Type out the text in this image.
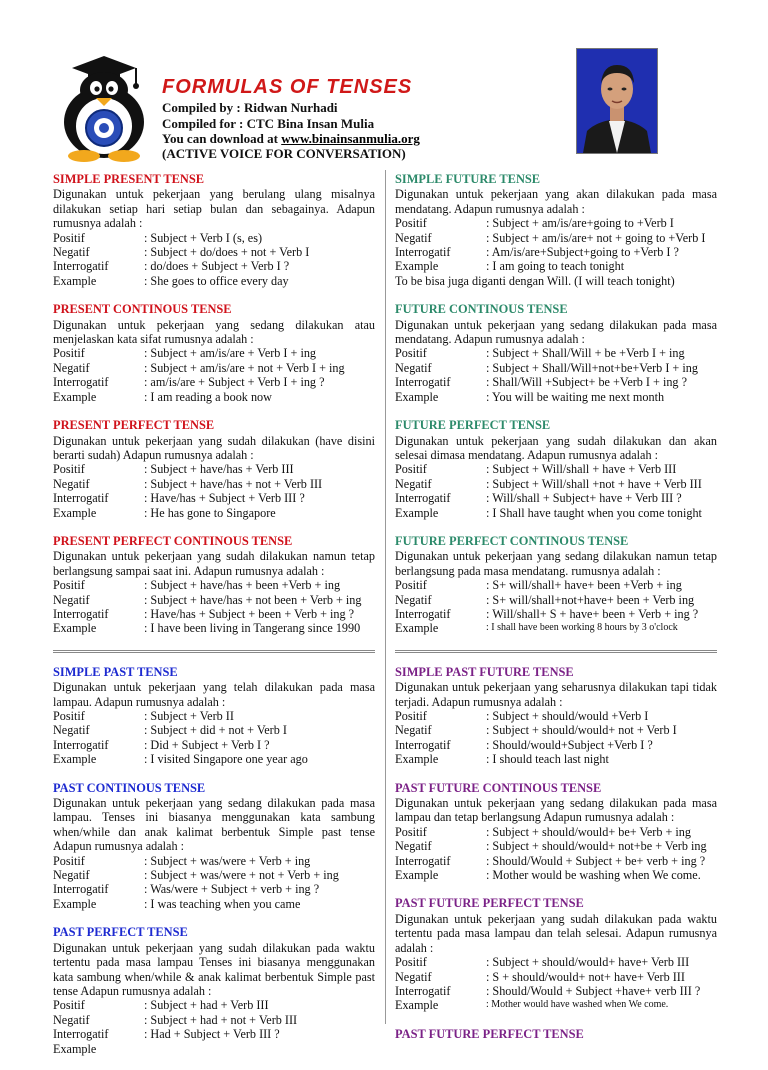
FORMULAS OF TENSES
Compiled by : Ridwan Nurhadi
Compiled for : CTC Bina Insan Mulia
You can download at www.binainsanmulia.org
(ACTIVE VOICE FOR CONVERSATION)
SIMPLE PRESENT TENSE
Digunakan untuk pekerjaan yang berulang ulang misalnya dilakukan setiap hari setiap bulan dan sebagainya. Adapun rumusnya adalah :
Positif	: Subject + Verb I (s, es)
Negatif	: Subject + do/does + not + Verb I
Interrogatif	: do/does + Subject + Verb I ?
Example	: She goes to office every day
PRESENT CONTINOUS TENSE
Digunakan untuk pekerjaan yang sedang dilakukan atau menjelaskan kata sifat rumusnya adalah :
Positif	: Subject + am/is/are + Verb I + ing
Negatif	: Subject + am/is/are + not + Verb I + ing
Interrogatif	: am/is/are + Subject + Verb I + ing ?
Example	: I am reading a book now
PRESENT PERFECT TENSE
Digunakan untuk pekerjaan yang sudah dilakukan (have disini berarti sudah) Adapun rumusnya adalah :
Positif	: Subject + have/has + Verb III
Negatif	: Subject + have/has + not + Verb III
Interrogatif	: Have/has + Subject + Verb III ?
Example	: He has gone to Singapore
PRESENT PERFECT CONTINOUS TENSE
Digunakan untuk pekerjaan yang sudah dilakukan namun tetap berlangsung sampai saat ini. Adapun rumusnya adalah :
Positif	: Subject + have/has + been +Verb + ing
Negatif	: Subject + have/has + not been + Verb + ing
Interrogatif	: Have/has + Subject + been + Verb + ing ?
Example	: I have been living in Tangerang since 1990
SIMPLE PAST TENSE
Digunakan untuk pekerjaan yang telah dilakukan pada masa lampau. Adapun rumusnya adalah :
Positif	: Subject + Verb II
Negatif	: Subject + did + not + Verb I
Interrogatif	: Did + Subject + Verb I ?
Example	: I visited Singapore one year ago
PAST CONTINOUS TENSE
Digunakan untuk pekerjaan yang sedang dilakukan pada masa lampau. Tenses ini biasanya menggunakan kata sambung when/while dan anak kalimat berbentuk Simple past tense Adapun rumusnya adalah :
Positif	: Subject + was/were + Verb + ing
Negatif	: Subject + was/were + not + Verb + ing
Interrogatif	: Was/were + Subject + verb + ing ?
Example	: I was teaching when you came
PAST PERFECT TENSE
Digunakan untuk pekerjaan yang sudah dilakukan pada waktu tertentu pada masa lampau Tenses ini biasanya menggunakan kata sambung when/while & anak kalimat berbentuk Simple past tense Adapun rumusnya adalah :
Positif	: Subject + had + Verb III
Negatif	: Subject + had + not + Verb III
Interrogatif	: Had + Subject + Verb III ?
Example
SIMPLE FUTURE TENSE
Digunakan untuk pekerjaan yang akan dilakukan pada masa mendatang. Adapun rumusnya adalah :
Positif	: Subject + am/is/are+going to +Verb I
Negatif	: Subject + am/is/are+ not + going to +Verb I
Interrogatif	: Am/is/are+Subject+going to +Verb I ?
Example	: I am going to teach tonight
To be bisa juga diganti dengan Will. (I will teach tonight)
FUTURE CONTINOUS TENSE
Digunakan untuk pekerjaan yang sedang dilakukan pada masa mendatang. Adapun rumusnya adalah :
Positif	: Subject + Shall/Will + be +Verb I + ing
Negatif	: Subject + Shall/Will+not+be+Verb I + ing
Interrogatif	: Shall/Will +Subject+ be +Verb I + ing ?
Example	: You will be waiting me next month
FUTURE PERFECT TENSE
Digunakan untuk pekerjaan yang sudah dilakukan dan akan selesai dimasa mendatang. Adapun rumusnya adalah :
Positif	: Subject + Will/shall + have + Verb III
Negatif	: Subject + Will/shall +not + have + Verb III
Interrogatif	: Will/shall + Subject+ have + Verb III ?
Example	: I Shall have taught when you come tonight
FUTURE PERFECT CONTINOUS TENSE
Digunakan untuk pekerjaan yang sedang dilakukan namun tetap berlangsung pada masa mendatang. rumusnya adalah :
Positif	: S+ will/shall+ have+ been +Verb + ing
Negatif	: S+ will/shall+not+have+ been + Verb ing
Interrogatif	: Will/shall+ S + have+ been + Verb + ing ?
Example	: I shall have been working 8 hours by 3 o'clock
SIMPLE PAST FUTURE TENSE
Digunakan untuk pekerjaan yang seharusnya dilakukan tapi tidak terjadi. Adapun rumusnya adalah :
Positif	: Subject + should/would +Verb I
Negatif	: Subject + should/would+ not + Verb I
Interrogatif	: Should/would+Subject +Verb I ?
Example	: I should teach last night
PAST FUTURE CONTINOUS TENSE
Digunakan untuk pekerjaan yang sedang dilakukan pada masa lampau dan tetap berlangsung Adapun rumusnya adalah :
Positif	: Subject + should/would+ be+ Verb + ing
Negatif	: Subject + should/would+ not+be + Verb ing
Interrogatif	: Should/Would + Subject + be+ verb + ing ?
Example	: Mother would be washing when We come.
PAST FUTURE PERFECT TENSE
Digunakan untuk pekerjaan yang sudah dilakukan pada waktu tertentu pada masa lampau dan telah selesai. Adapun rumusnya adalah :
Positif	: Subject + should/would+ have+ Verb III
Negatif	: S + should/would+ not+ have+ Verb III
Interrogatif	: Should/Would + Subject +have+ verb III ?
Example	: Mother would have washed when We come.
PAST FUTURE PERFECT TENSE
